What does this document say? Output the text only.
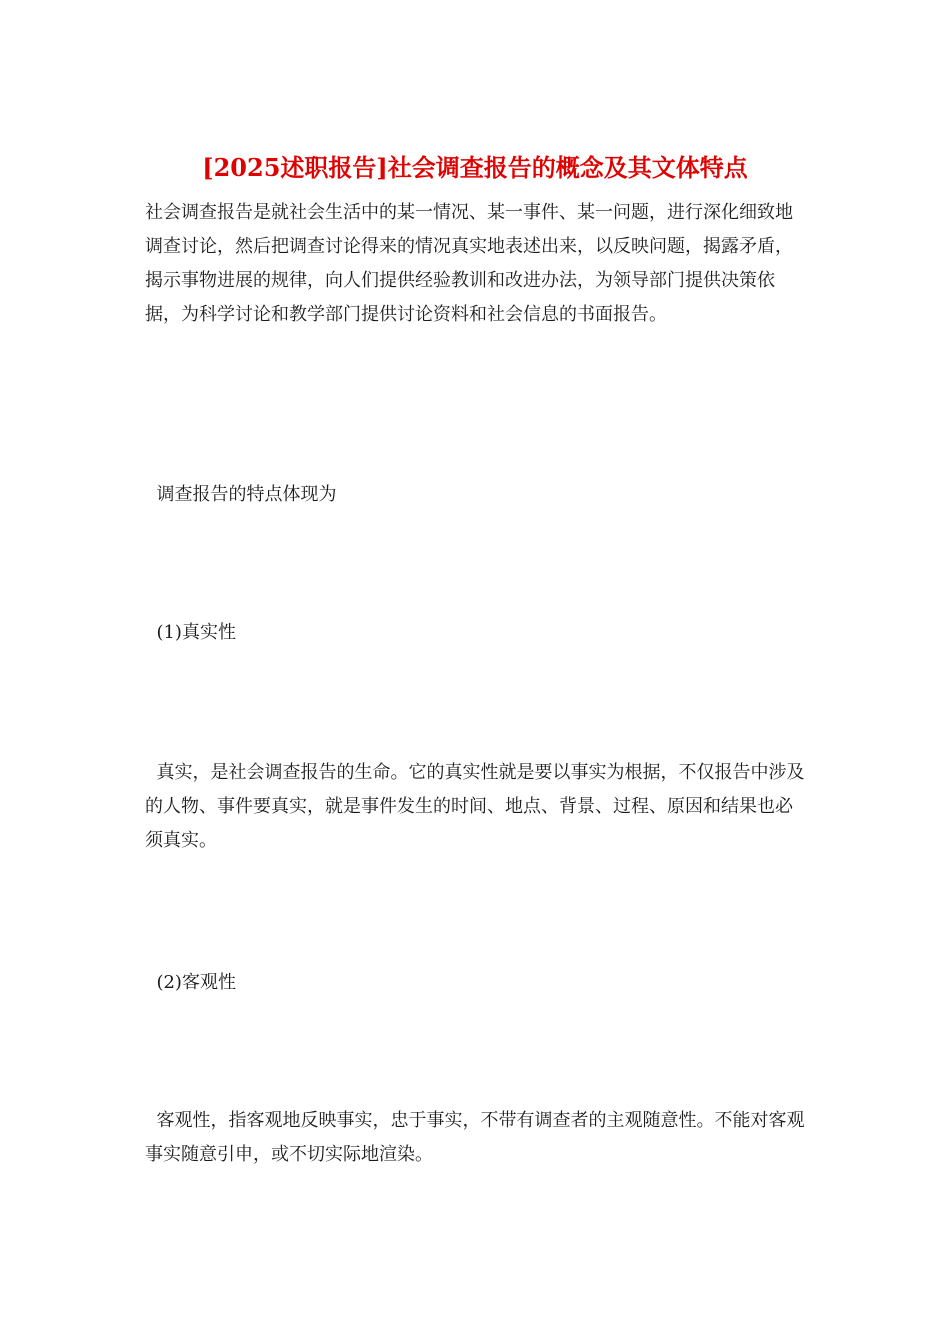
[2025述职报告]社会调查报告的概念及其文体特点

社会调查报告是就社会生活中的某一情况、某一事件、某一问题，进行深化细致地调查讨论，然后把调查讨论得来的情况真实地表述出来，以反映问题，揭露矛盾，揭示事物进展的规律，向人们提供经验教训和改进办法，为领导部门提供决策依据，为科学讨论和教学部门提供讨论资料和社会信息的书面报告。

调查报告的特点体现为

(1)真实性

真实，是社会调查报告的生命。它的真实性就是要以事实为根据，不仅报告中涉及的人物、事件要真实，就是事件发生的时间、地点、背景、过程、原因和结果也必须真实。

(2)客观性

客观性，指客观地反映事实，忠于事实，不带有调查者的主观随意性。不能对客观事实随意引申，或不切实际地渲染。
